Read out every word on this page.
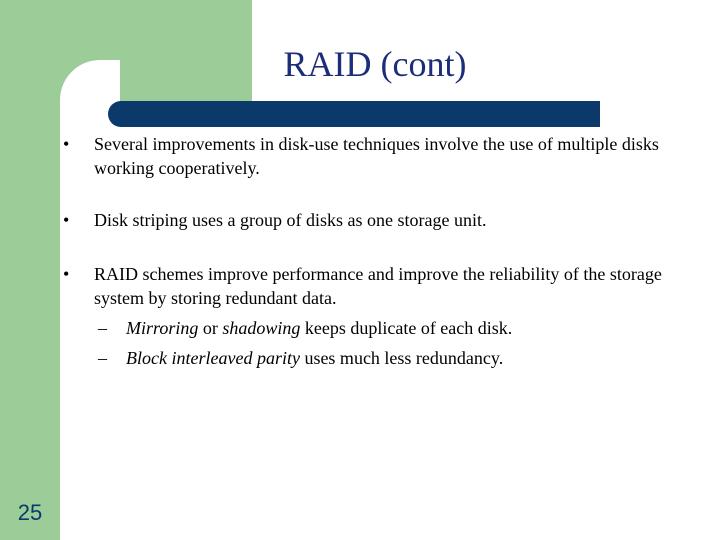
RAID (cont)
• Several improvements in disk-use techniques involve the use of multiple disks working cooperatively.
• Disk striping uses a group of disks as one storage unit.
• RAID schemes improve performance and improve the reliability of the storage system by storing redundant data.
– Mirroring or shadowing keeps duplicate of each disk.
– Block interleaved parity uses much less redundancy.
25
